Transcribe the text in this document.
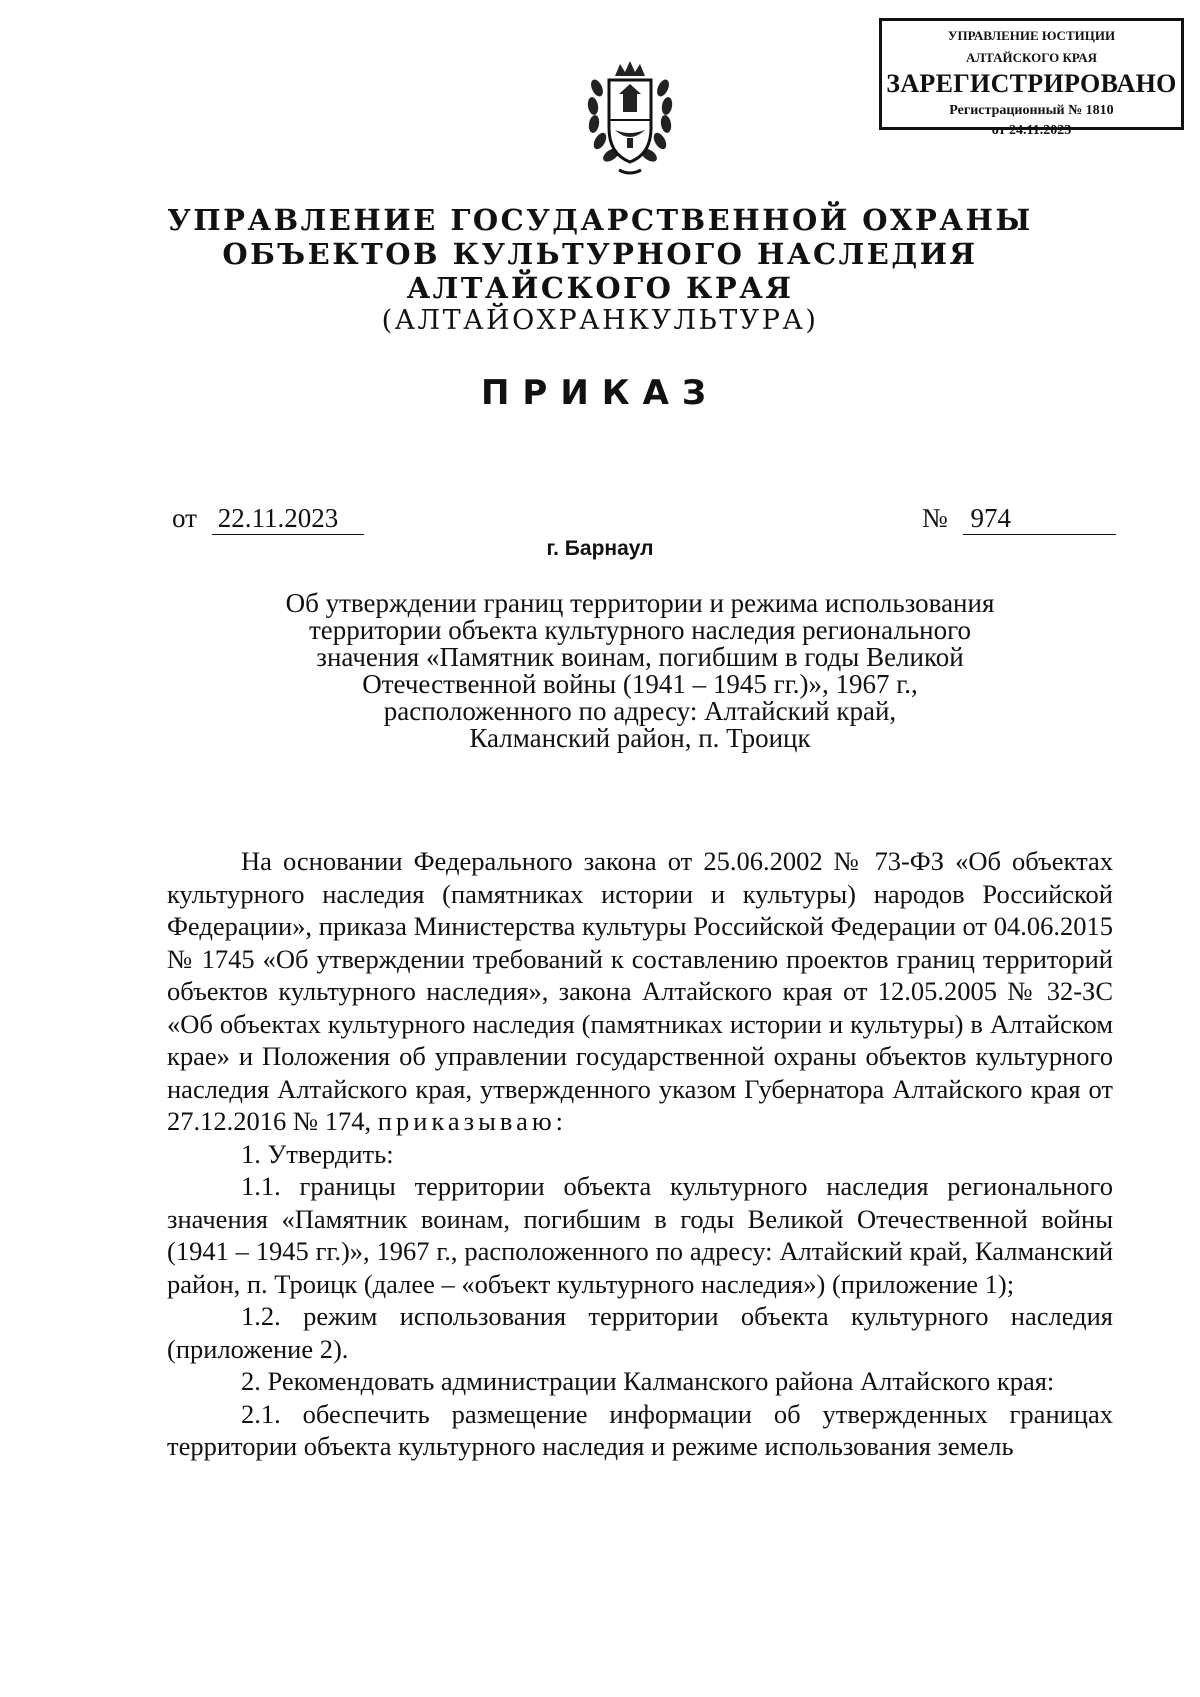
УПРАВЛЕНИЕ ЮСТИЦИИ
АЛТАЙСКОГО КРАЯ
ЗАРЕГИСТРИРОВАНО
Регистрационный № 1810
от 24.11.2023
УПРАВЛЕНИЕ ГОСУДАРСТВЕННОЙ ОХРАНЫ
ОБЪЕКТОВ КУЛЬТУРНОГО НАСЛЕДИЯ
АЛТАЙСКОГО КРАЯ
(АЛТАЙОХРАНКУЛЬТУРА)
ПРИКАЗ
от 22.11.2023	№ 974
г. Барнаул
Об утверждении границ территории и режима использования
территории объекта культурного наследия регионального
значения «Памятник воинам, погибшим в годы Великой
Отечественной войны (1941 – 1945 гг.)», 1967 г.,
расположенного по адресу: Алтайский край,
Калманский район, п. Троицк

На основании Федерального закона от 25.06.2002 № 73-ФЗ «Об объектах культурного наследия (памятниках истории и культуры) народов Российской Федерации», приказа Министерства культуры Российской Федерации от 04.06.2015 № 1745 «Об утверждении требований к составлению проектов границ территорий объектов культурного наследия», закона Алтайского края от 12.05.2005 № 32-ЗС «Об объектах культурного наследия (памятниках истории и культуры) в Алтайском крае» и Положения об управлении государственной охраны объектов культурного наследия Алтайского края, утвержденного указом Губернатора Алтайского края от 27.12.2016 № 174, приказываю:

1. Утвердить:

1.1. границы территории объекта культурного наследия регионального значения «Памятник воинам, погибшим в годы Великой Отечественной войны (1941 – 1945 гг.)», 1967 г., расположенного по адресу: Алтайский край, Калманский район, п. Троицк (далее – «объект культурного наследия») (приложение 1);

1.2. режим использования территории объекта культурного наследия (приложение 2).

2. Рекомендовать администрации Калманского района Алтайского края:

2.1. обеспечить размещение информации об утвержденных границах территории объекта культурного наследия и режиме использования земель
